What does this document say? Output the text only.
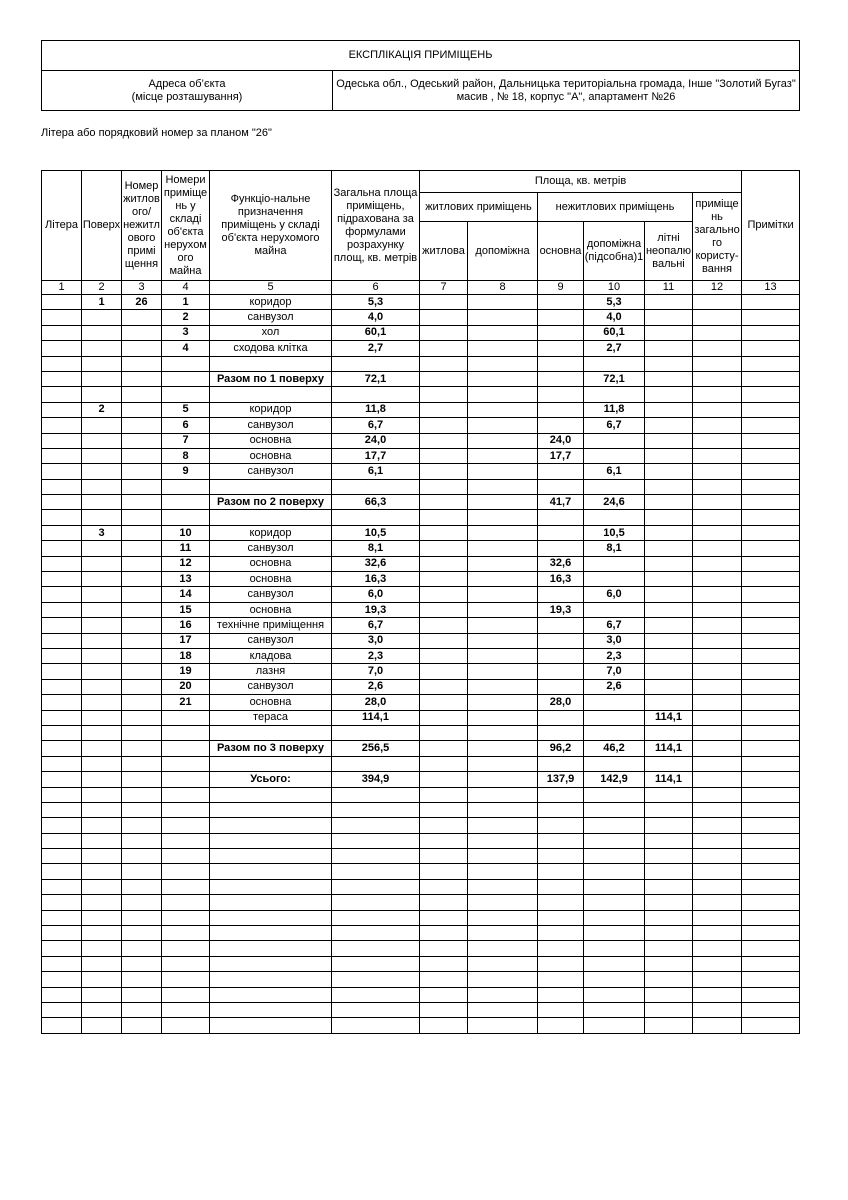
ЕКСПЛІКАЦІЯ ПРИМІЩЕНЬ

Адреса об’єкта
(місце розташування)

Одеська обл., Одеський район, Дальницька територіальна громада, Інше "Золотий Бугаз"
масив , № 18, корпус "А", апартамент №26
Літера або порядковий номер за планом "26"
Літера	Поверх	Номер житлов ого/ нежитл ового примі щення	Номери приміще нь у складі об'єкта нерухом ого майна	Функціо-нальне призначення приміщень у складі об'єкта нерухомого майна	Загальна площа приміщень, підрахована за формулами розрахунку площ, кв. метрів	Площа, кв. метрів						Примітки
						житлових приміщень		нежитлових приміщень			приміще нь загально го користу-вання	
						житлова	допоміжна	основна	допоміжна (підсобна)1	літні неопалю вальні		
1	2	3	4	5	6	7	8	9	10	11	12	13
	1	26	1	коридор	5,3				5,3			
			2	санвузол	4,0				4,0			
			3	хол	60,1				60,1			
			4	сходова клітка	2,7				2,7			

				Разом по 1 поверху	72,1				72,1			

	2		5	коридор	11,8				11,8			
			6	санвузол	6,7				6,7			
			7	основна	24,0			24,0				
			8	основна	17,7			17,7				
			9	санвузол	6,1				6,1			

				Разом по 2 поверху	66,3			41,7	24,6			

	3		10	коридор	10,5				10,5			
			11	санвузол	8,1				8,1			
			12	основна	32,6			32,6				
			13	основна	16,3			16,3				
			14	санвузол	6,0				6,0			
			15	основна	19,3			19,3				
			16	технічне приміщення	6,7				6,7			
			17	санвузол	3,0				3,0			
			18	кладова	2,3				2,3			
			19	лазня	7,0				7,0			
			20	санвузол	2,6				2,6			
			21	основна	28,0			28,0				
				тераса	114,1					114,1		

				Разом по 3 поверху	256,5			96,2	46,2	114,1		

				Усього:	394,9			137,9	142,9	114,1		
